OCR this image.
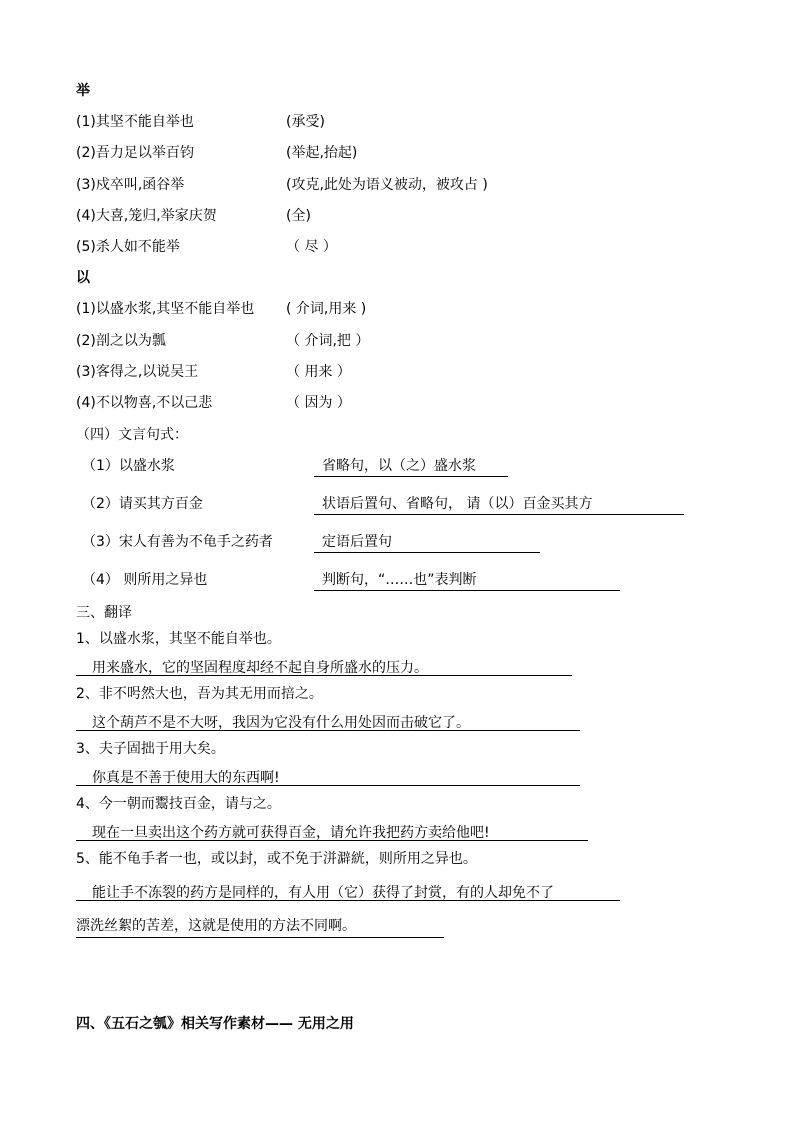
举
(1)其坚不能自举也	(承受)
(2)吾力足以举百钧	(举起,抬起)
(3)戍卒叫,函谷举	(攻克,此处为语义被动，被攻占 )
(4)大喜,笼归,举家庆贺	(全)
(5)杀人如不能举	（ 尽 ）
以
(1)以盛水浆,其坚不能自举也 ( 介词,用来 )
(2)剖之以为瓢	（ 介词,把 ）
(3)客得之,以说吴王	（ 用来 ）
(4)不以物喜,不以己悲	（ 因为 ）
（四）文言句式：
（1）以盛水浆	省略句，以（之）盛水浆
（2）请买其方百金	状语后置句、省略句， 请（以）百金买其方
（3）宋人有善为不龟手之药者	定语后置句
（4） 则所用之异也	判断句，“……也”表判断
三、翻译
1、以盛水浆，其坚不能自举也。
用来盛水，它的坚固程度却经不起自身所盛水的压力。
2、非不呺然大也，吾为其无用而掊之。
这个葫芦不是不大呀，我因为它没有什么用处因而击破它了。
3、夫子固拙于用大矣。
你真是不善于使用大的东西啊!
4、今一朝而鬻技百金，请与之。
现在一旦卖出这个药方就可获得百金，请允许我把药方卖给他吧!
5、能不龟手者一也，或以封，或不免于洴澼絖，则所用之异也。
能让手不冻裂的药方是同样的，有人用（它）获得了封赏，有的人却免不了
漂洗丝絮的苦差，这就是使用的方法不同啊。
四、《五石之瓠》相关写作素材—— 无用之用
